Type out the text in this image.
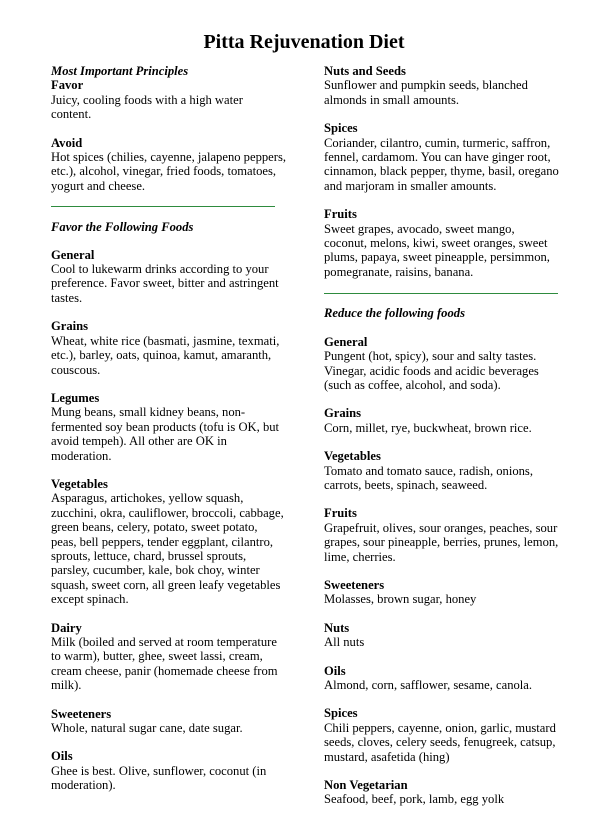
Pitta Rejuvenation Diet

Most Important Principles

Favor

Juicy, cooling foods with a high water
content.

Avoid

Hot spices (chilies, cayenne, jalapeno peppers,
etc.), alcohol, vinegar, fried foods, tomatoes,
yogurt and cheese.

Favor the Following Foods

General

Cool to lukewarm drinks according to your
preference. Favor sweet, bitter and astringent
tastes.

Grains

Wheat, white rice (basmati, jasmine, texmati,
etc.), barley, oats, quinoa, kamut, amaranth,
couscous.

Legumes

Mung beans, small kidney beans, non-
fermented soy bean products (tofu is OK, but
avoid tempeh). All other are OK in
moderation.

Vegetables

Asparagus, artichokes, yellow squash,
zucchini, okra, cauliflower, broccoli, cabbage,
green beans, celery, potato, sweet potato,
peas, bell peppers, tender eggplant, cilantro,
sprouts, lettuce, chard, brussel sprouts,
parsley, cucumber, kale, bok choy, winter
squash, sweet corn, all green leafy vegetables
except spinach.

Dairy

Milk (boiled and served at room temperature
to warm), butter, ghee, sweet lassi, cream,
cream cheese, panir (homemade cheese from
milk).

Sweeteners

Whole, natural sugar cane, date sugar.

Oils

Ghee is best. Olive, sunflower, coconut (in
moderation).

Nuts and Seeds

Sunflower and pumpkin seeds, blanched
almonds in small amounts.

Spices

Coriander, cilantro, cumin, turmeric, saffron,
fennel, cardamom. You can have ginger root,
cinnamon, black pepper, thyme, basil, oregano
and marjoram in smaller amounts.

Fruits

Sweet grapes, avocado, sweet mango,
coconut, melons, kiwi, sweet oranges, sweet
plums, papaya, sweet pineapple, persimmon,
pomegranate, raisins, banana.

Reduce the following foods

General

Pungent (hot, spicy), sour and salty tastes.
Vinegar, acidic foods and acidic beverages
(such as coffee, alcohol, and soda).

Grains

Corn, millet, rye, buckwheat, brown rice.

Vegetables

Tomato and tomato sauce, radish, onions,
carrots, beets, spinach, seaweed.

Fruits

Grapefruit, olives, sour oranges, peaches, sour
grapes, sour pineapple, berries, prunes, lemon,
lime, cherries.

Sweeteners

Molasses, brown sugar, honey

Nuts

All nuts

Oils

Almond, corn, safflower, sesame, canola.

Spices

Chili peppers, cayenne, onion, garlic, mustard
seeds, cloves, celery seeds, fenugreek, catsup,
mustard, asafetida (hing)

Non Vegetarian

Seafood, beef, pork, lamb, egg yolk
